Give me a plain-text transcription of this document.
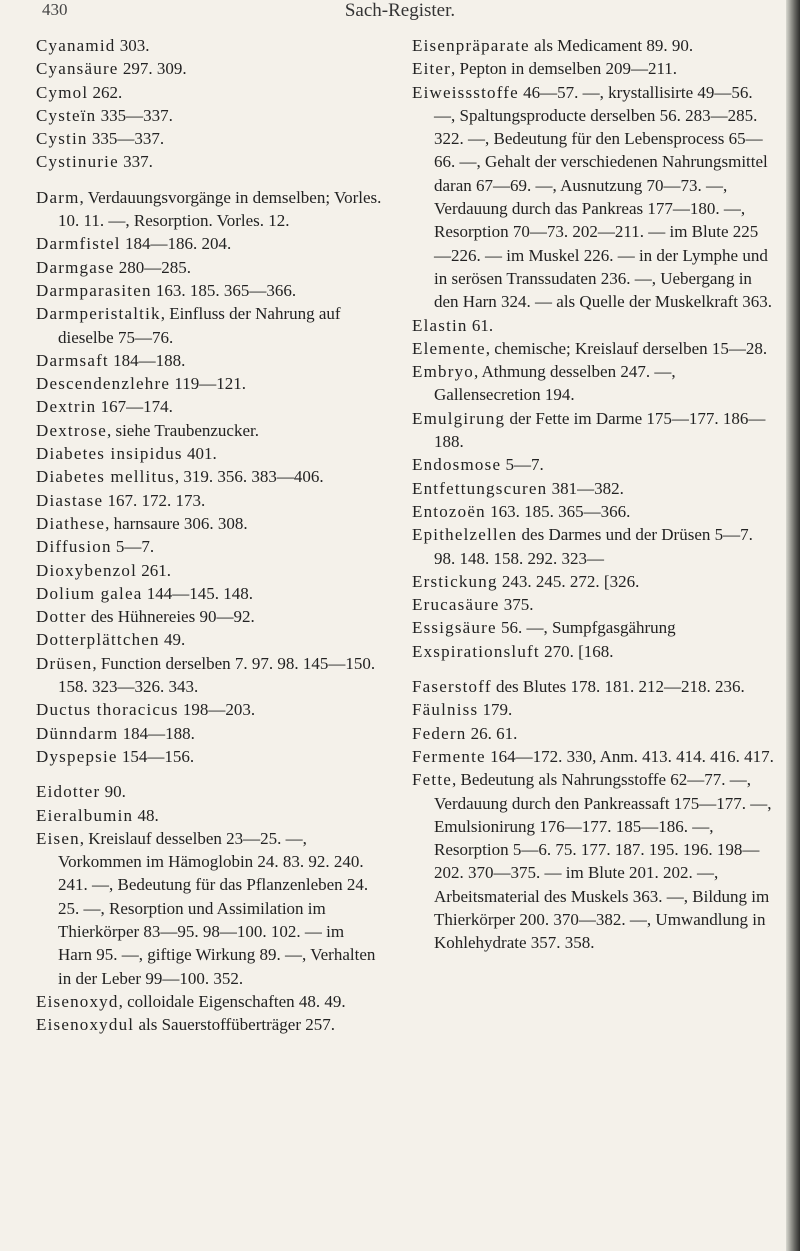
430	Sach-Register.

Cyanamid 303.

Cyansäure 297. 309.

Cymol 262.

Cysteïn 335—337.

Cystin 335—337.

Cystinurie 337.

Darm, Verdauungsvorgänge in demselben; Vorles. 10. 11. —, Resorption. Vorles. 12.

Darmfistel 184—186. 204.

Darmgase 280—285.

Darmparasiten 163. 185. 365—366.

Darmperistaltik, Einfluss der Nahrung auf dieselbe 75—76.

Darmsaft 184—188.

Descendenzlehre 119—121.

Dextrin 167—174.

Dextrose, siehe Traubenzucker.

Diabetes insipidus 401.

Diabetes mellitus, 319. 356. 383—406.

Diastase 167. 172. 173.

Diathese, harnsaure 306. 308.

Diffusion 5—7.

Dioxybenzol 261.

Dolium galea 144—145. 148.

Dotter des Hühnereies 90—92.

Dotterplättchen 49.

Drüsen, Function derselben 7. 97. 98. 145—150. 158. 323—326. 343.

Ductus thoracicus 198—203.

Dünndarm 184—188.

Dyspepsie 154—156.

Eidotter 90.

Eieralbumin 48.

Eisen, Kreislauf desselben 23—25. —, Vorkommen im Hämoglobin 24. 83. 92. 240. 241. —, Bedeutung für das Pflanzenleben 24. 25. —, Resorption und Assimilation im Thierkörper 83—95. 98—100. 102. — im Harn 95. —, giftige Wirkung 89. —, Verhalten in der Leber 99—100. 352.

Eisenoxyd, colloidale Eigenschaften 48. 49.

Eisenoxydul als Sauerstoffüberträger 257.

Eisenpräparate als Medicament 89. 90.

Eiter, Pepton in demselben 209—211.

Eiweissstoffe 46—57. —, krystallisirte 49—56. —, Spaltungsproducte derselben 56. 283—285. 322. —, Bedeutung für den Lebensprocess 65—66. —, Gehalt der verschiedenen Nahrungsmittel daran 67—69. —, Ausnutzung 70—73. —, Verdauung durch das Pankreas 177—180. —, Resorption 70—73. 202—211. — im Blute 225—226. — im Muskel 226. — in der Lymphe und in serösen Transsudaten 236. —, Uebergang in den Harn 324. — als Quelle der Muskelkraft 363.

Elastin 61.

Elemente, chemische; Kreislauf derselben 15—28.

Embryo, Athmung desselben 247. —, Gallensecretion 194.

Emulgirung der Fette im Darme 175—177. 186—188.

Endosmose 5—7.

Entfettungscuren 381—382.

Entozoën 163. 185. 365—366.

Epithelzellen des Darmes und der Drüsen 5—7. 98. 148. 158. 292. 323—

Erstickung 243. 245. 272. [326.

Erucasäure 375.

Essigsäure 56. —, Sumpfgasgährung

Exspirationsluft 270. [168.

Faserstoff des Blutes 178. 181. 212—218. 236.

Fäulniss 179.

Federn 26. 61.

Fermente 164—172. 330, Anm. 413. 414. 416. 417.

Fette, Bedeutung als Nahrungsstoffe 62—77. —, Verdauung durch den Pankreassaft 175—177. —, Emulsionirung 176—177. 185—186. —, Resorption 5—6. 75. 177. 187. 195. 196. 198—202. 370—375. — im Blute 201. 202. —, Arbeitsmaterial des Muskels 363. —, Bildung im Thierkörper 200. 370—382. —, Umwandlung in Kohlehydrate 357. 358.
